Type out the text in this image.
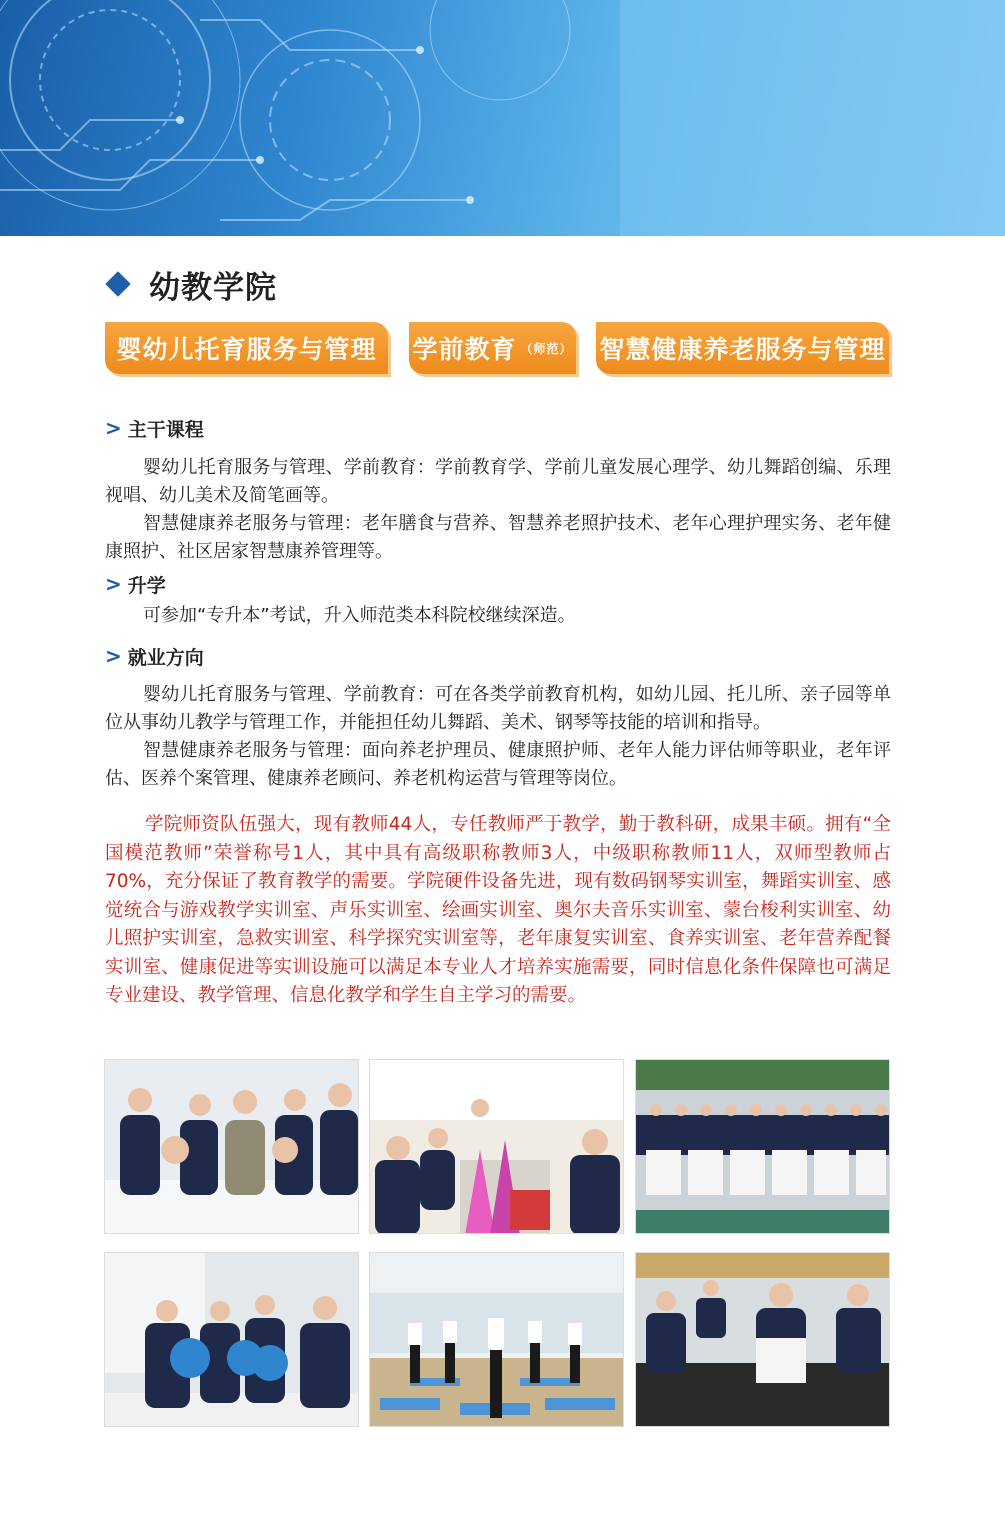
幼教学院
婴幼儿托育服务与管理 学前教育 （师范） 智慧健康养老服务与管理
> 主干课程

婴幼儿托育服务与管理、学前教育：学前教育学、学前儿童发展心理学、幼儿舞蹈创编、乐理视唱、幼儿美术及简笔画等。

智慧健康养老服务与管理：老年膳食与营养、智慧养老照护技术、老年心理护理实务、老年健康照护、社区居家智慧康养管理等。

> 升学

可参加“专升本”考试，升入师范类本科院校继续深造。

> 就业方向

婴幼儿托育服务与管理、学前教育：可在各类学前教育机构，如幼儿园、托儿所、亲子园等单位从事幼儿教学与管理工作，并能担任幼儿舞蹈、美术、钢琴等技能的培训和指导。

智慧健康养老服务与管理：面向养老护理员、健康照护师、老年人能力评估师等职业，老年评估、医养个案管理、健康养老顾问、养老机构运营与管理等岗位。

学院师资队伍强大，现有教师44人，专任教师严于教学，勤于教科研，成果丰硕。拥有“全国模范教师”荣誉称号1人，其中具有高级职称教师3人，中级职称教师11人，双师型教师占70%，充分保证了教育教学的需要。学院硬件设备先进，现有数码钢琴实训室，舞蹈实训室、感觉统合与游戏教学实训室、声乐实训室、绘画实训室、奥尔夫音乐实训室、蒙台梭利实训室、幼儿照护实训室，急救实训室、科学探究实训室等，老年康复实训室、食养实训室、老年营养配餐实训室、健康促进等实训设施可以满足本专业人才培养实施需要，同时信息化条件保障也可满足专业建设、教学管理、信息化教学和学生自主学习的需要。
